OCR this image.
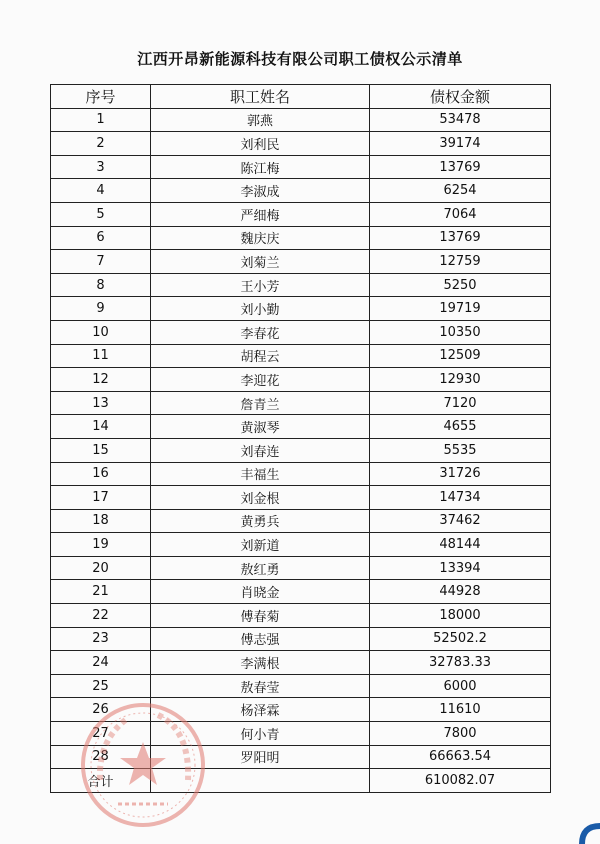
江西开昂新能源科技有限公司职工债权公示清单
序号	职工姓名	债权金额
1	郭燕	53478
2	刘利民	39174
3	陈江梅	13769
4	李淑成	6254
5	严细梅	7064
6	魏庆庆	13769
7	刘菊兰	12759
8	王小芳	5250
9	刘小勤	19719
10	李春花	10350
11	胡程云	12509
12	李迎花	12930
13	詹青兰	7120
14	黄淑琴	4655
15	刘春连	5535
16	丰福生	31726
17	刘金根	14734
18	黄勇兵	37462
19	刘新道	48144
20	敖红勇	13394
21	肖晓金	44928
22	傅春菊	18000
23	傅志强	52502.2
24	李满根	32783.33
25	敖春莹	6000
26	杨泽霖	11610
27	何小青	7800
28	罗阳明	66663.54
合计		610082.07
